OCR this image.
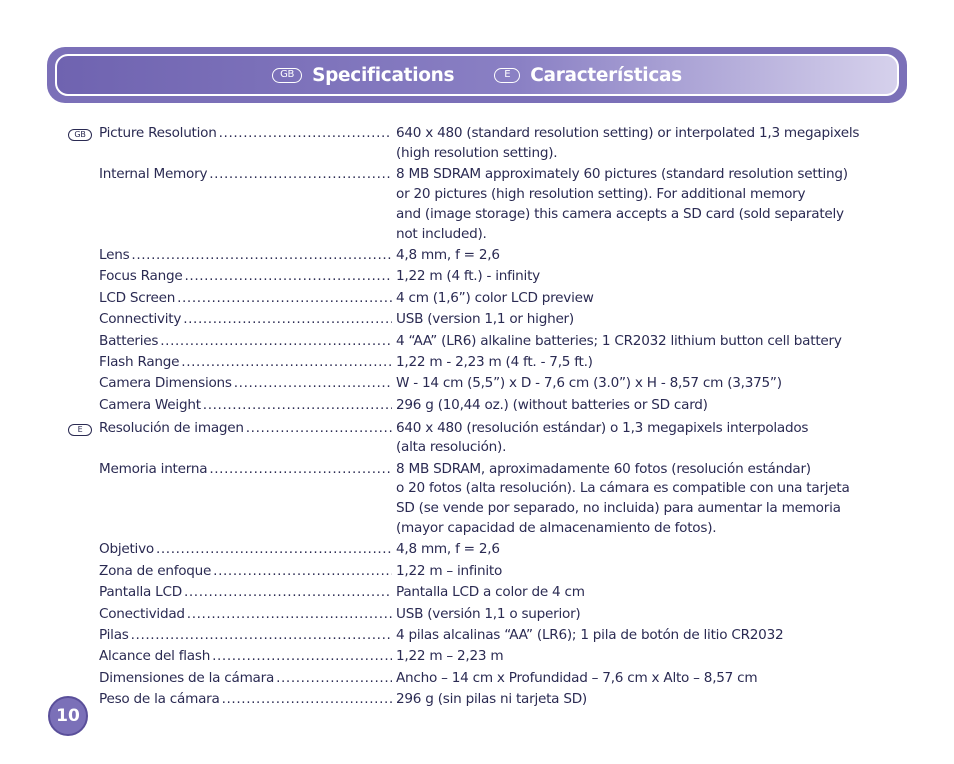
GB Specifications	E	Características
GB Picture Resolution .....	640 x 480 (standard resolution setting) or interpolated 1,3 megapixels
(high resolution setting).
Internal Memory .....	8 MB SDRAM approximately 60 pictures (standard resolution setting)
or 20 pictures (high resolution setting). For additional memory
and (image storage) this camera accepts a SD card (sold separately
not included).
Lens .....	4,8 mm, f = 2,6
Focus Range .....	1,22 m (4 ft.) - infinity
LCD Screen .....	4 cm (1,6”) color LCD preview
Connectivity .....	USB (version 1,1 or higher)
Batteries .....	4 “AA” (LR6) alkaline batteries; 1 CR2032 lithium button cell battery
Flash Range .....	1,22 m - 2,23 m (4 ft. - 7,5 ft.)
Camera Dimensions .....	W - 14 cm (5,5”) x D - 7,6 cm (3.0”) x H - 8,57 cm (3,375”)
Camera Weight .....	296 g (10,44 oz.) (without batteries or SD card)
E	Resolución de imagen .....	640 x 480 (resolución estándar) o 1,3 megapixels interpolados
(alta resolución).
Memoria interna .....	8 MB SDRAM, aproximadamente 60 fotos (resolución estándar)
o 20 fotos (alta resolución). La cámara es compatible con una tarjeta
SD (se vende por separado, no incluida) para aumentar la memoria
(mayor capacidad de almacenamiento de fotos).
Objetivo .....	4,8 mm, f = 2,6
Zona de enfoque .....	1,22 m – infinito
Pantalla LCD .....	Pantalla LCD a color de 4 cm
Conectividad .....	USB (versión 1,1 o superior)
Pilas .....	4 pilas alcalinas “AA” (LR6); 1 pila de botón de litio CR2032
Alcance del flash .....	1,22 m – 2,23 m
Dimensiones de la cámara .....	Ancho – 14 cm x Profundidad – 7,6 cm x Alto – 8,57 cm
Peso de la cámara .....	296 g (sin pilas ni tarjeta SD)
10
